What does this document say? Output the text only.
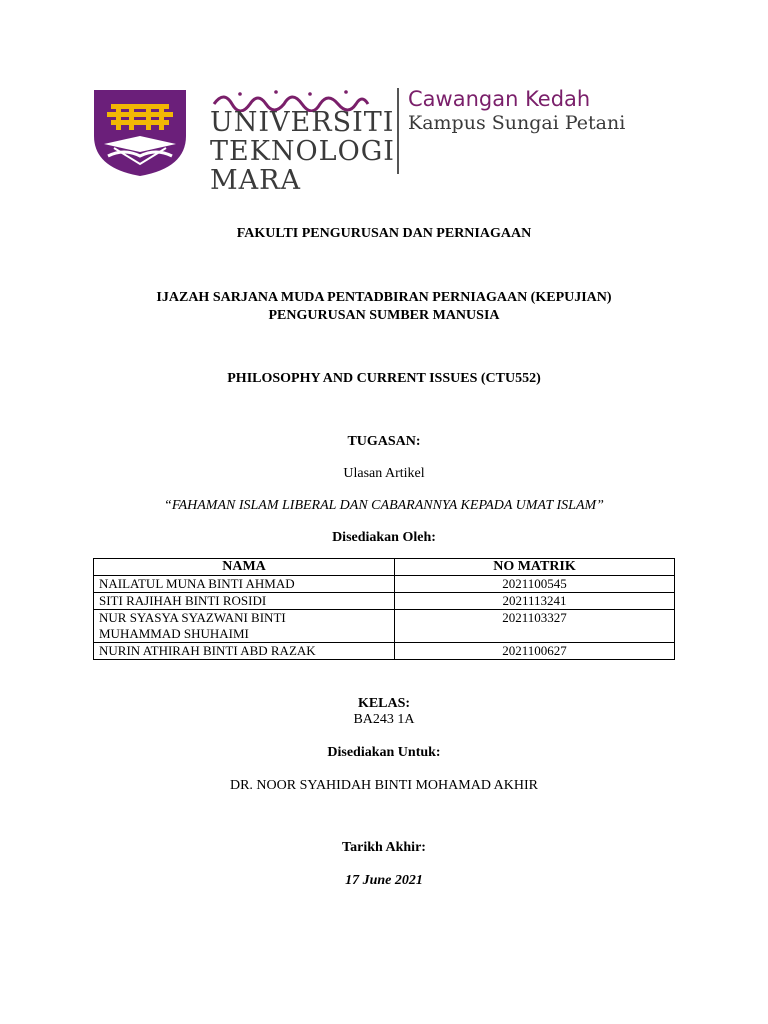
UNIVERSITI
TEKNOLOGI
MARA
Cawangan Kedah
Kampus Sungai Petani
FAKULTI PENGURUSAN DAN PERNIAGAAN
IJAZAH SARJANA MUDA PENTADBIRAN PERNIAGAAN (KEPUJIAN)
PENGURUSAN SUMBER MANUSIA
PHILOSOPHY AND CURRENT ISSUES (CTU552)
TUGASAN:
Ulasan Artikel
“FAHAMAN ISLAM LIBERAL DAN CABARANNYA KEPADA UMAT ISLAM”
Disediakan Oleh:
NAMA	NO MATRIK
NAILATUL MUNA BINTI AHMAD	2021100545
SITI RAJIHAH BINTI ROSIDI	2021113241

NUR SYASYA SYAZWANI BINTI
MUHAMMAD SHUHAIMI	2021103327
NURIN ATHIRAH BINTI ABD RAZAK	2021100627
KELAS:
BA243 1A
Disediakan Untuk:
DR. NOOR SYAHIDAH BINTI MOHAMAD AKHIR
Tarikh Akhir:
17 June 2021
